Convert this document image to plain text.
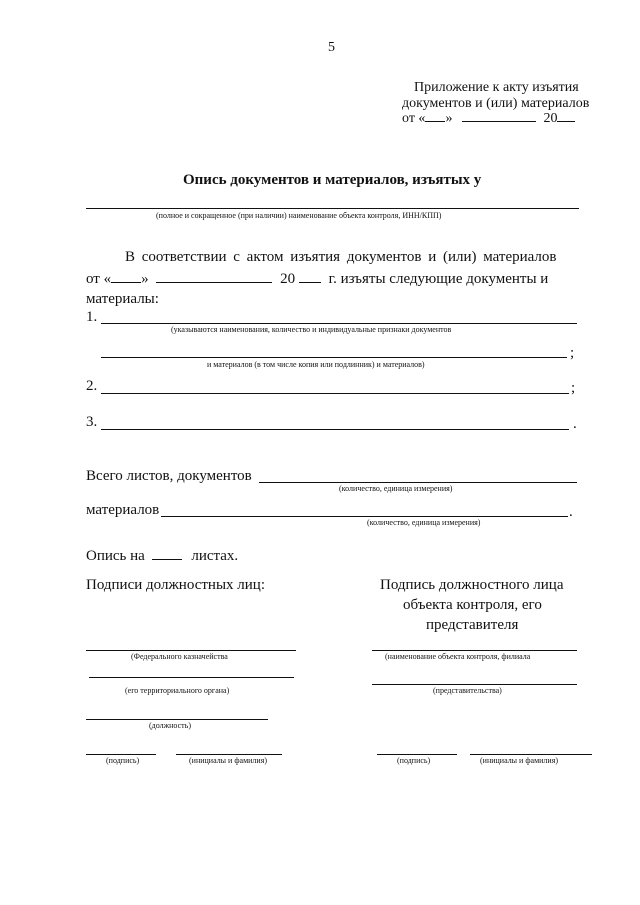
5
Приложение к акту изъятия
документов и (или) материалов
от « »	20
Опись документов и материалов, изъятых у
(полное и сокращенное (при наличии) наименование объекта контроля, ИНН/КПП)
В соответствии с актом изъятия документов и (или) материалов
от « »	20 г. изъяты следующие документы и
материалы:
1.
(указываются наименования, количество и индивидуальные признаки документов
;
и материалов (в том числе копия или подлинник) и материалов)
2.	;
3.	.
Всего листов, документов
(количество, единица измерения)
материалов	.
(количество, единица измерения)
Опись на	листах.
Подписи должностных лиц:
(Федерального казначейства
(его территориального органа)
(должность)
(подпись)	(инициалы и фамилия)
Подпись должностного лица
объекта контроля, его
представителя
(наименование объекта контроля, филиала
(представительства)
(подпись)	(инициалы и фамилия)
